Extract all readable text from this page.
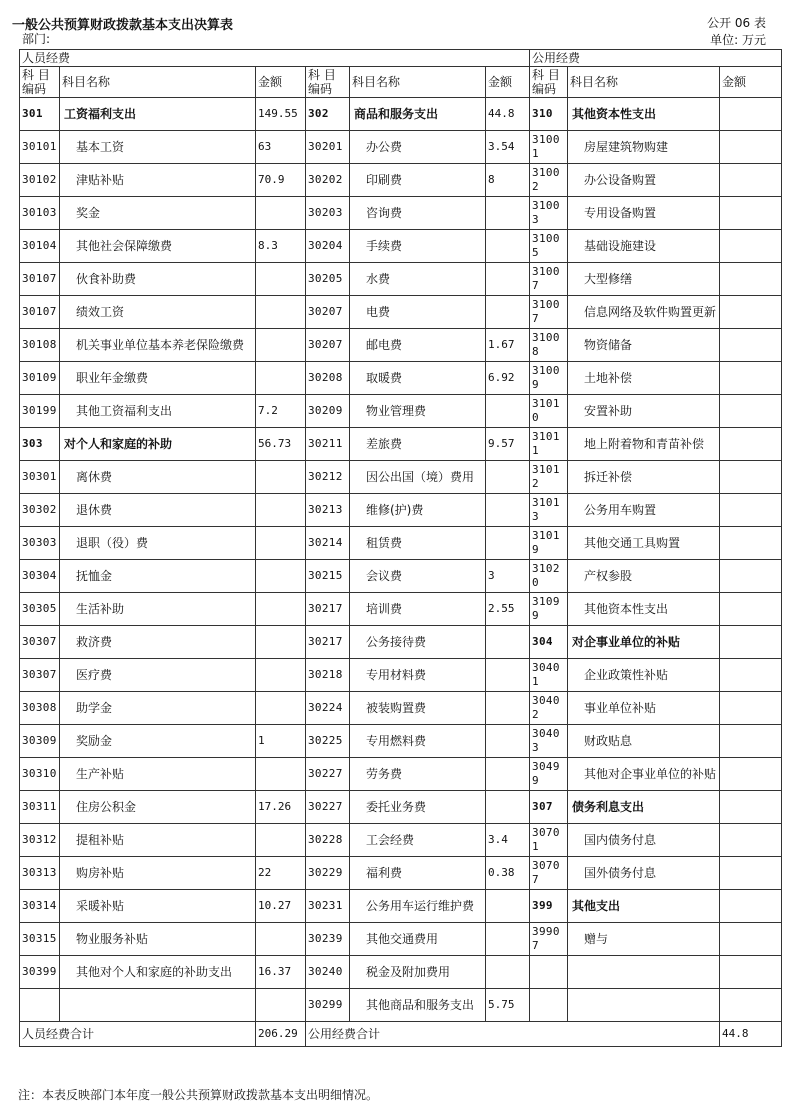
一般公共预算财政拨款基本支出决算表
部门:
公开 06 表
单位: 万元
人员经费						公用经费		
科 目
编码	科目名称	金额	科 目
编码	科目名称	金额	科 目
编码	科目名称	金额
301	工资福利支出	149.55	302	商品和服务支出	44.8	310	其他资本性支出	
30101	基本工资	63	30201	办公费	3.54	31001	房屋建筑物购建	
30102	津贴补贴	70.9	30202	印刷费	8	31002	办公设备购置	
30103	奖金		30203	咨询费		31003	专用设备购置	
30104	其他社会保障缴费	8.3	30204	手续费		31005	基础设施建设	
30107	伙食补助费		30205	水费		31007	大型修缮	
30107	绩效工资		30207	电费		31007	信息网络及软件购置更新	
30108	机关事业单位基本养老保险缴费		30207	邮电费	1.67	31008	物资储备	
30109	职业年金缴费		30208	取暖费	6.92	31009	土地补偿	
30199	其他工资福利支出	7.2	30209	物业管理费		31010	安置补助	
303	对个人和家庭的补助	56.73	30211	差旅费	9.57	31011	地上附着物和青苗补偿	
30301	离休费		30212	因公出国（境）费用		31012	拆迁补偿	
30302	退休费		30213	维修(护)费		31013	公务用车购置	
30303	退职（役）费		30214	租赁费		31019	其他交通工具购置	
30304	抚恤金		30215	会议费	3	31020	产权参股	
30305	生活补助		30217	培训费	2.55	31099	其他资本性支出	
30307	救济费		30217	公务接待费		304	对企事业单位的补贴	
30307	医疗费		30218	专用材料费		30401	企业政策性补贴	
30308	助学金		30224	被装购置费		30402	事业单位补贴	
30309	奖励金	1	30225	专用燃料费		30403	财政贴息	
30310	生产补贴		30227	劳务费		30499	其他对企事业单位的补贴	
30311	住房公积金	17.26	30227	委托业务费		307	债务利息支出	
30312	提租补贴		30228	工会经费	3.4	30701	国内债务付息	
30313	购房补贴	22	30229	福利费	0.38	30707	国外债务付息	
30314	采暖补贴	10.27	30231	公务用车运行维护费		399	其他支出	
30315	物业服务补贴		30239	其他交通费用		39907	赠与	
30399	其他对个人和家庭的补助支出	16.37	30240	税金及附加费用				
			30299	其他商品和服务支出	5.75			
人员经费合计		206.29	公用经费合计					44.8
注：本表反映部门本年度一般公共预算财政拨款基本支出明细情况。
